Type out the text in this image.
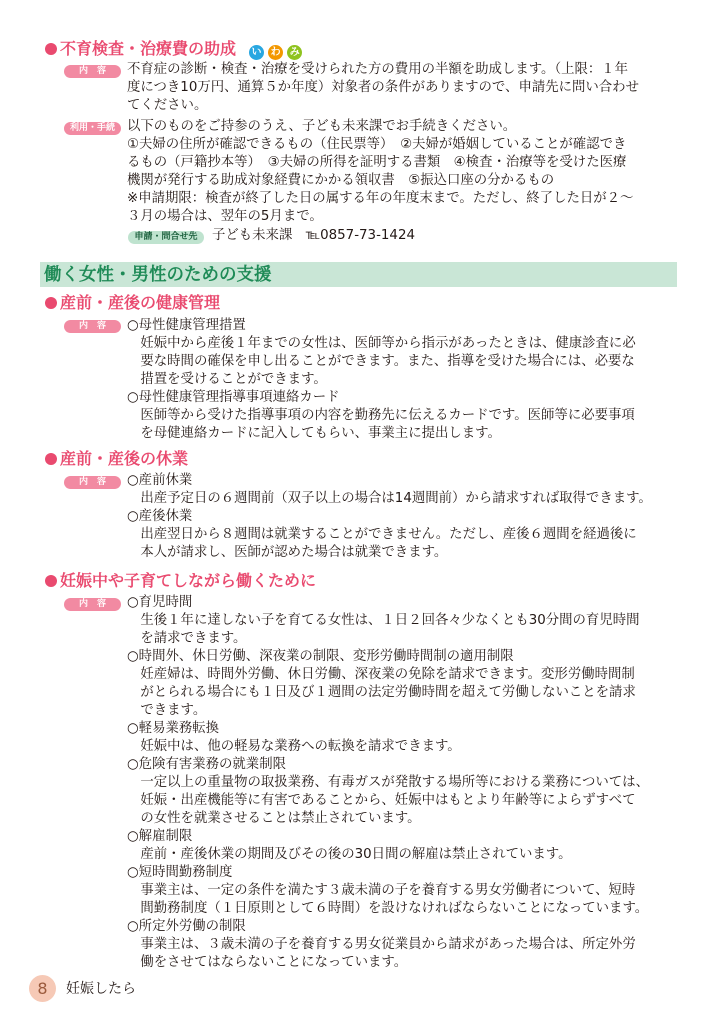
不育検査・治療費の助成 い わ み
内　容	不育症の診断・検査・治療を受けられた方の費用の半額を助成します。（上限：１年
度につき10万円、通算５か年度）対象者の条件がありますので、申請先に問い合わせ
てください。
利用・手続 以下のものをご持参のうえ、子ども未来課でお手続きください。
①夫婦の住所が確認できるもの（住民票等）　②夫婦が婚姻していることが確認でき
るもの（戸籍抄本等）　③夫婦の所得を証明する書類　④検査・治療等を受けた医療
機関が発行する助成対象経費にかかる領収書　⑤振込口座の分かるもの
※申請期限：検査が終了した日の属する年の年度末まで。ただし、終了した日が２～
３月の場合は、翌年の5月まで。
申請・問合せ先	子ども未来課　℡0857-73-1424
働く女性・男性のための支援
産前・産後の健康管理
内　容	○母性健康管理措置
　妊娠中から産後１年までの女性は、医師等から指示があったときは、健康診査に必
　要な時間の確保を申し出ることができます。また、指導を受けた場合には、必要な
　措置を受けることができます。
○母性健康管理指導事項連絡カード
　医師等から受けた指導事項の内容を勤務先に伝えるカードです。医師等に必要事項
　を母健連絡カードに記入してもらい、事業主に提出します。
産前・産後の休業
内　容	○産前休業
　出産予定日の６週間前（双子以上の場合は14週間前）から請求すれば取得できます。
○産後休業
　出産翌日から８週間は就業することができません。ただし、産後６週間を経過後に
　本人が請求し、医師が認めた場合は就業できます。
妊娠中や子育てしながら働くために
内　容	○育児時間
　生後１年に達しない子を育てる女性は、１日２回各々少なくとも30分間の育児時間
　を請求できます。
○時間外、休日労働、深夜業の制限、変形労働時間制の適用制限
　妊産婦は、時間外労働、休日労働、深夜業の免除を請求できます。変形労働時間制
　がとられる場合にも１日及び１週間の法定労働時間を超えて労働しないことを請求
　できます。
○軽易業務転換
　妊娠中は、他の軽易な業務への転換を請求できます。
○危険有害業務の就業制限
　一定以上の重量物の取扱業務、有毒ガスが発散する場所等における業務については、
　妊娠・出産機能等に有害であることから、妊娠中はもとより年齢等によらずすべて
　の女性を就業させることは禁止されています。
○解雇制限
　産前・産後休業の期間及びその後の30日間の解雇は禁止されています。
○短時間勤務制度
　事業主は、一定の条件を満たす３歳未満の子を養育する男女労働者について、短時
　間勤務制度（１日原則として６時間）を設けなければならないことになっています。
○所定外労働の制限
　事業主は、３歳未満の子を養育する男女従業員から請求があった場合は、所定外労
　働をさせてはならないことになっています。
8	妊娠したら
